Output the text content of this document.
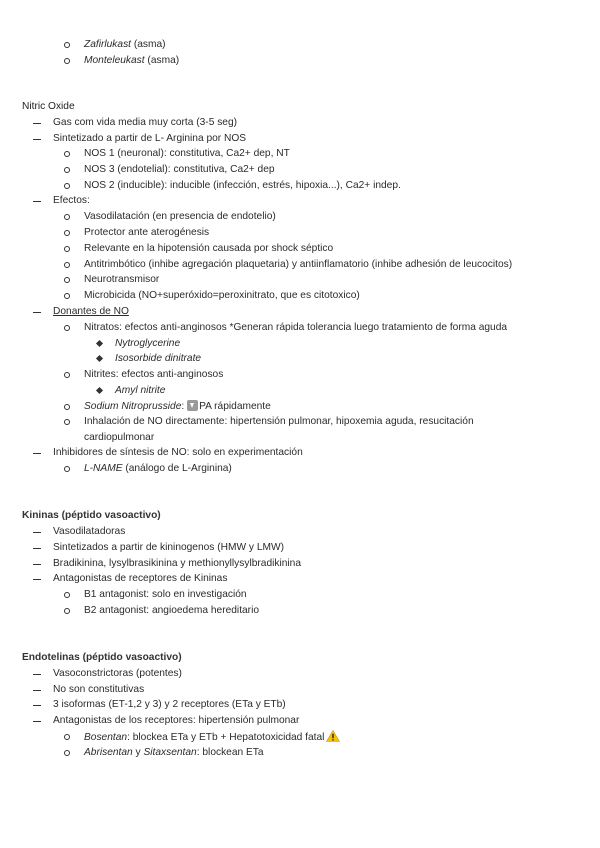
Zafirlukast (asma)
Monteleukast (asma)
Nitric Oxide
Gas com vida media muy corta (3-5 seg)
Sintetizado a partir de L- Arginina por NOS
NOS 1 (neuronal): constitutiva, Ca2+ dep, NT
NOS 3 (endotelial): constitutiva, Ca2+ dep
NOS 2 (inducible): inducible (infección, estrés, hipoxia...), Ca2+ indep.
Efectos:
Vasodilatación (en presencia de endotelio)
Protector ante aterogénesis
Relevante en la hipotensión causada por shock séptico
Antitrimbótico (inhibe agregación plaquetaria) y antiinflamatorio (inhibe adhesión de leucocitos)
Neurotransmisor
Microbicida (NO+superóxido=peroxinitrato, que es citotoxico)
Donantes de NO
Nitratos: efectos anti-anginosos *Generan rápida tolerancia luego tratamiento de forma aguda
Nytroglycerine
Isosorbide dinitrate
Nitrites: efectos anti-anginosos
Amyl nitrite
Sodium Nitroprusside: PA rápidamente
Inhalación de NO directamente: hipertensión pulmonar, hipoxemia aguda, resucitación
cardiopulmonar
Inhibidores de síntesis de NO: solo en experimentación
L-NAME (análogo de L-Arginina)
Kininas (péptido vasoactivo)
Vasodilatadoras
Sintetizados a partir de kininogenos (HMW y LMW)
Bradikinina, lysylbrasikinina y methionyllysylbradikinina
Antagonistas de receptores de Kininas
B1 antagonist: solo en investigación
B2 antagonist: angioedema hereditario
Endotelinas (péptido vasoactivo)
Vasoconstrictoras (potentes)
No son constitutivas
3 isoformas (ET-1,2 y 3) y 2 receptores (ETa y ETb)
Antagonistas de los receptores: hipertensión pulmonar
Bosentan: blockea ETa y ETb + Hepatotoxicidad fatal
Abrisentan y Sitaxsentan: blockean ETa
